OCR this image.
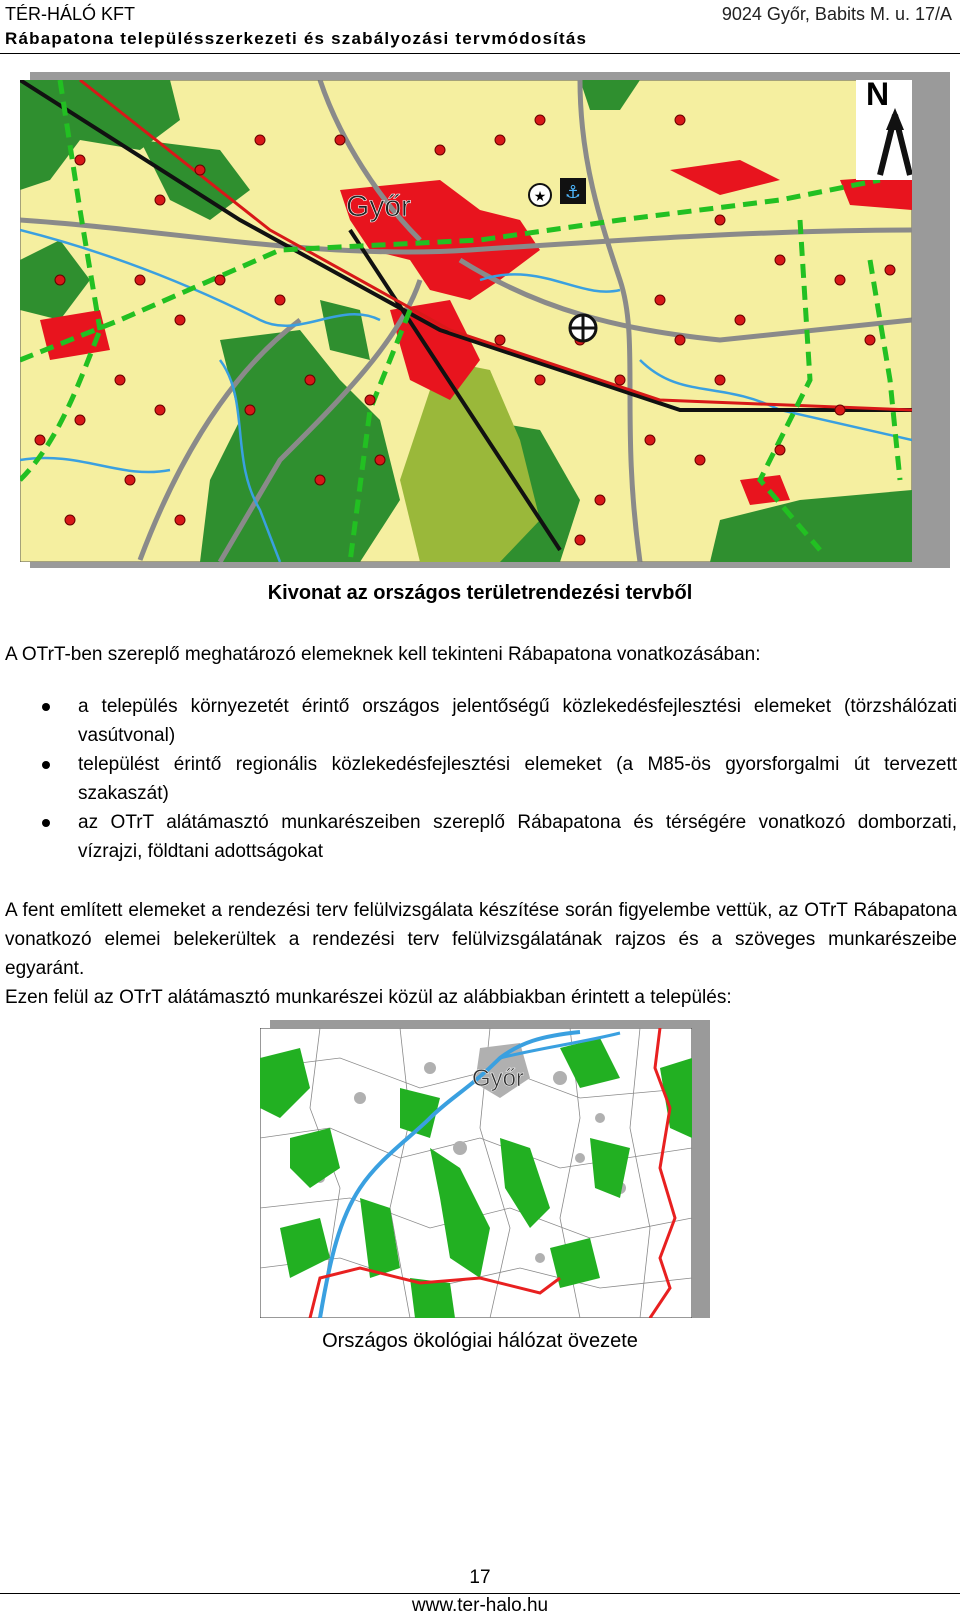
TÉR-HÁLÓ KFT	9024 Győr, Babits M. u. 17/A
Rábapatona településszerkezeti és szabályozási tervmódosítás
★ ⚓
Győr
N
Kivonat az országos területrendezési tervből
A OTrT-ben szereplő meghatározó elemeknek kell tekinteni Rábapatona vonatkozásában:
a település környezetét érintő országos jelentőségű közlekedésfejlesztési elemeket (törzshálózati vasútvonal)
települést érintő regionális közlekedésfejlesztési elemeket (a M85-ös gyorsforgalmi út tervezett szakaszát)
az OTrT alátámasztó munkarészeiben szereplő Rábapatona és térségére vonatkozó domborzati, vízrajzi, földtani adottságokat
A fent említett elemeket a rendezési terv felülvizsgálata készítése során figyelembe vettük, az OTrT Rábapatona vonatkozó elemei belekerültek a rendezési terv felülvizsgálatának rajzos és a szöveges munkarészeibe egyaránt.
Ezen felül az OTrT alátámasztó munkarészei közül az alábbiakban érintett a település:
Győr
Országos ökológiai hálózat övezete
17
www.ter-halo.hu
